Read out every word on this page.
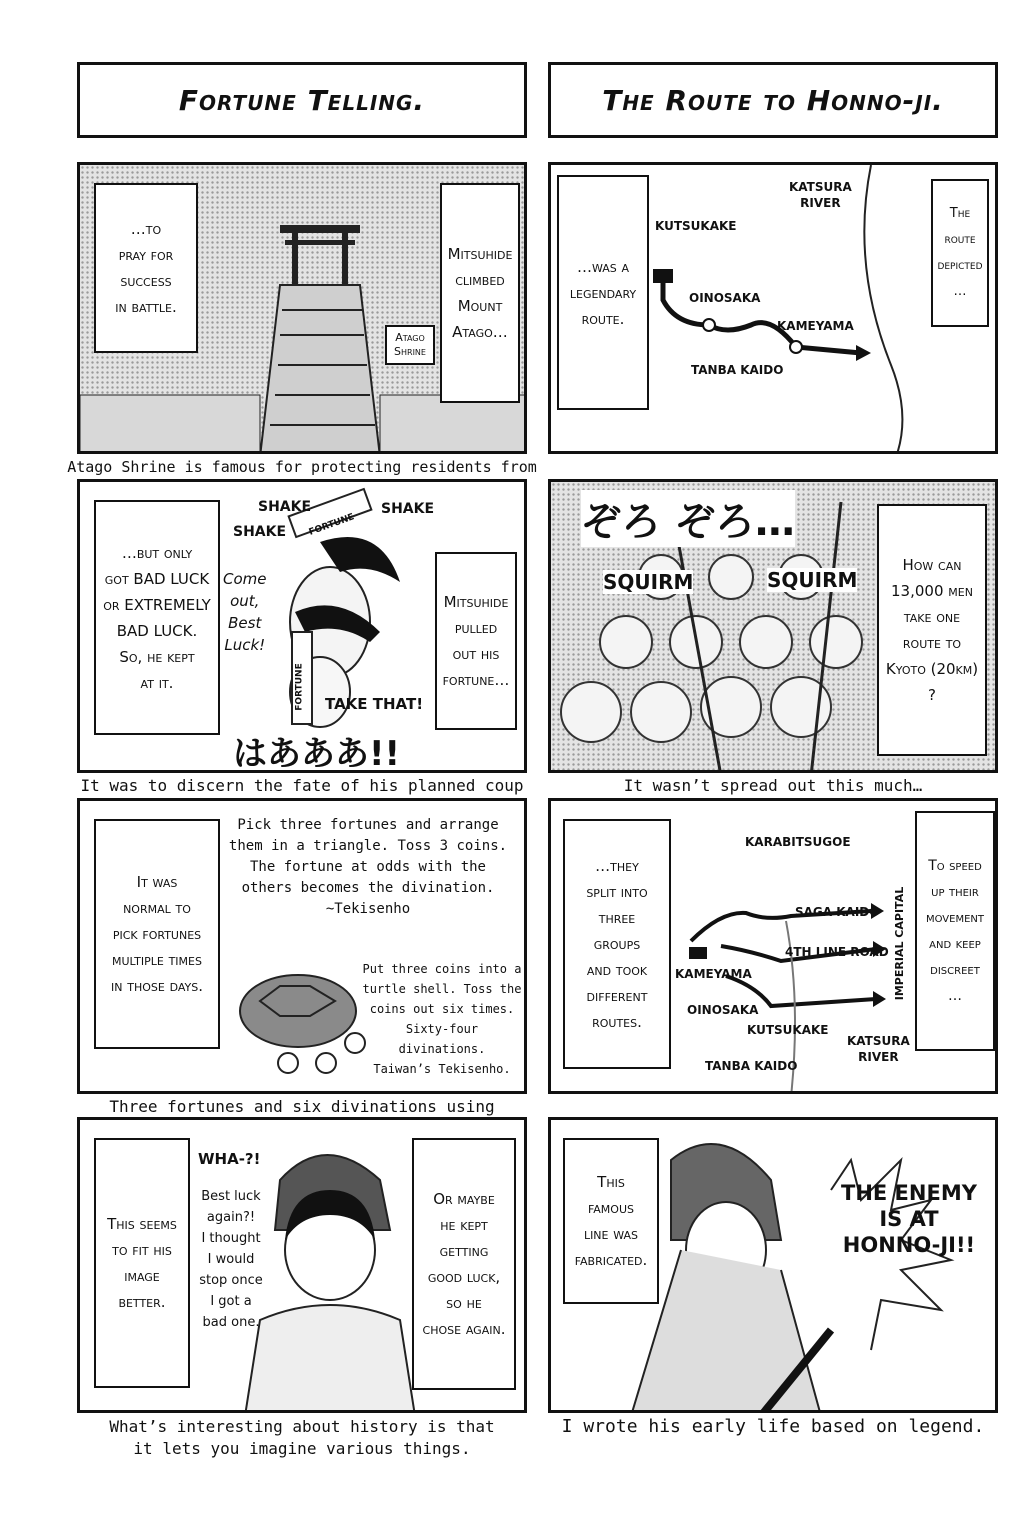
Fortune Telling.	The Route to Honno-ji.
…to
pray for
success
in battle.
Mitsuhide
climbed
Mount
Atago…
Atago
Shrine
Atago Shrine is famous for protecting residents from
…but only
got BAD LUCK
or EXTREMELY
BAD LUCK.
So, he kept
at it.
Mitsuhide
pulled
out his
fortune…
SHAKE
SHAKE
SHAKE
Come
out,
Best
Luck!
FORTUNE
FORTUNE TAKE THAT!
はあああ!!
It was to discern the fate of his planned coup
It was
normal to
pick fortunes
multiple times
in those days.
Pick three fortunes and arrange
them in a triangle. Toss 3 coins.
The fortune at odds with the
others becomes the divination.
~Tekisenho
Put three coins into a
turtle shell. Toss the
coins out six times.
Sixty-four
divinations.
Taiwan’s Tekisenho.
Three fortunes and six divinations using
This seems
to fit his
image
better.
Or maybe
he kept
getting
good luck,
so he
chose again.
WHA-?!
Best luck
again?!
I thought
I would
stop once
I got a
bad one.
What’s interesting about history is that
it lets you imagine various things.
…was a
legendary
route.
The
route
depicted
…
KUTSUKAKE
KATSURA
RIVER
OINOSAKA
KAMEYAMA
TANBA KAIDO
How can
13,000 men
take one
route to
Kyoto (20km)
?
SQUIRM	SQUIRM
ぞろ ぞろ…
It wasn’t spread out this much…
…they
split into
three
groups
and took
different
routes.
To speed
up their
movement
and keep
discreet
…
KARABITSUGOE
SAGA KAIDO
4TH LINE ROAD IMPERIAL CAPITAL
KAMEYAMA
OINOSAKA
KUTSUKAKE
KATSURA
RIVER
TANBA KAIDO
This
famous
line was
fabricated.
THE ENEMY
IS AT
HONNO-JI!!
I wrote his early life based on legend.
